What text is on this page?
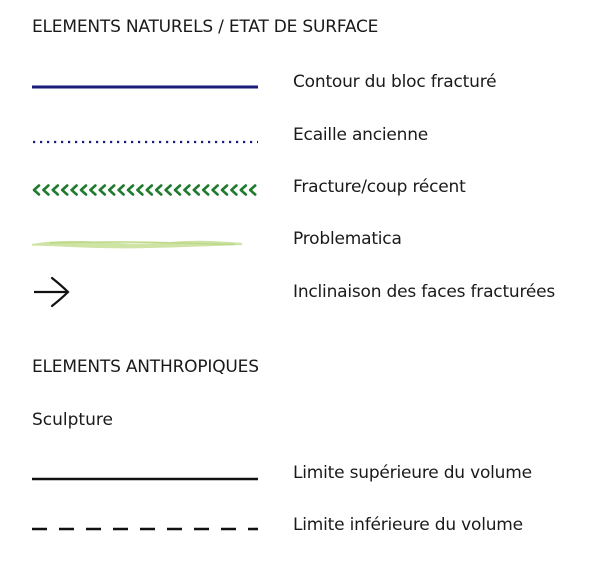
ELEMENTS NATURELS / ETAT DE SURFACE
Contour du bloc fracturé
Ecaille ancienne
Fracture/coup récent
Problematica
Inclinaison des faces fracturées
ELEMENTS ANTHROPIQUES
Sculpture
Limite supérieure du volume
Limite inférieure du volume
